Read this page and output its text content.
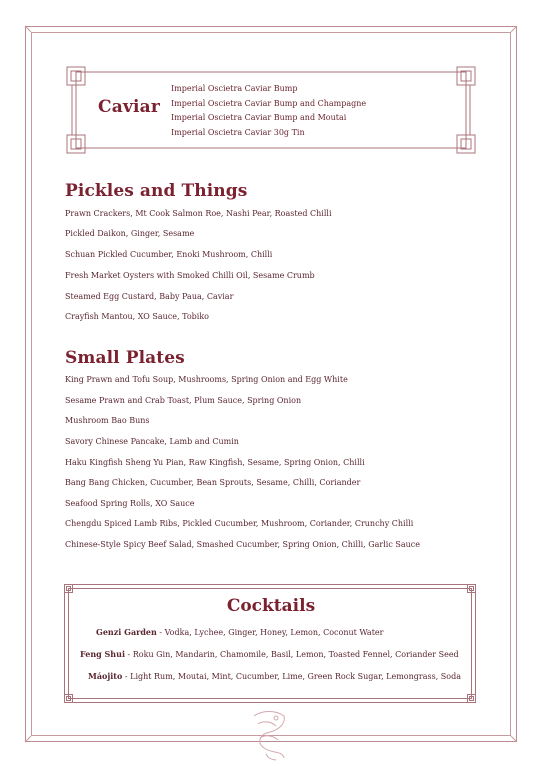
Caviar
Imperial Oscietra Caviar Bump
Imperial Oscietra Caviar Bump and Champagne
Imperial Oscietra Caviar Bump and Moutai
Imperial Oscietra Caviar 30g Tin
Pickles and Things
Prawn Crackers, Mt Cook Salmon Roe, Nashi Pear, Roasted Chilli
Pickled Daikon, Ginger, Sesame
Schuan Pickled Cucumber, Enoki Mushroom, Chilli
Fresh Market Oysters with Smoked Chilli Oil, Sesame Crumb
Steamed Egg Custard, Baby Paua, Caviar
Crayfish Mantou, XO Sauce, Tobiko
Small Plates
King Prawn and Tofu Soup, Mushrooms, Spring Onion and Egg White
Sesame Prawn and Crab Toast, Plum Sauce, Spring Onion
Mushroom Bao Buns
Savory Chinese Pancake, Lamb and Cumin
Haku Kingfish Sheng Yu Pian, Raw Kingfish, Sesame, Spring Onion, Chilli
Bang Bang Chicken, Cucumber, Bean Sprouts, Sesame, Chilli, Coriander
Seafood Spring Rolls, XO Sauce
Chengdu Spiced Lamb Ribs, Pickled Cucumber, Mushroom, Coriander, Crunchy Chilli
Chinese-Style Spicy Beef Salad, Smashed Cucumber, Spring Onion, Chilli, Garlic Sauce
Cocktails
Genzi Garden - Vodka, Lychee, Ginger, Honey, Lemon, Coconut Water
Feng Shui - Roku Gin, Mandarin, Chamomile, Basil, Lemon, Toasted Fennel, Coriander Seed
Máojito - Light Rum, Moutai, Mint, Cucumber, Lime, Green Rock Sugar, Lemongrass, Soda
